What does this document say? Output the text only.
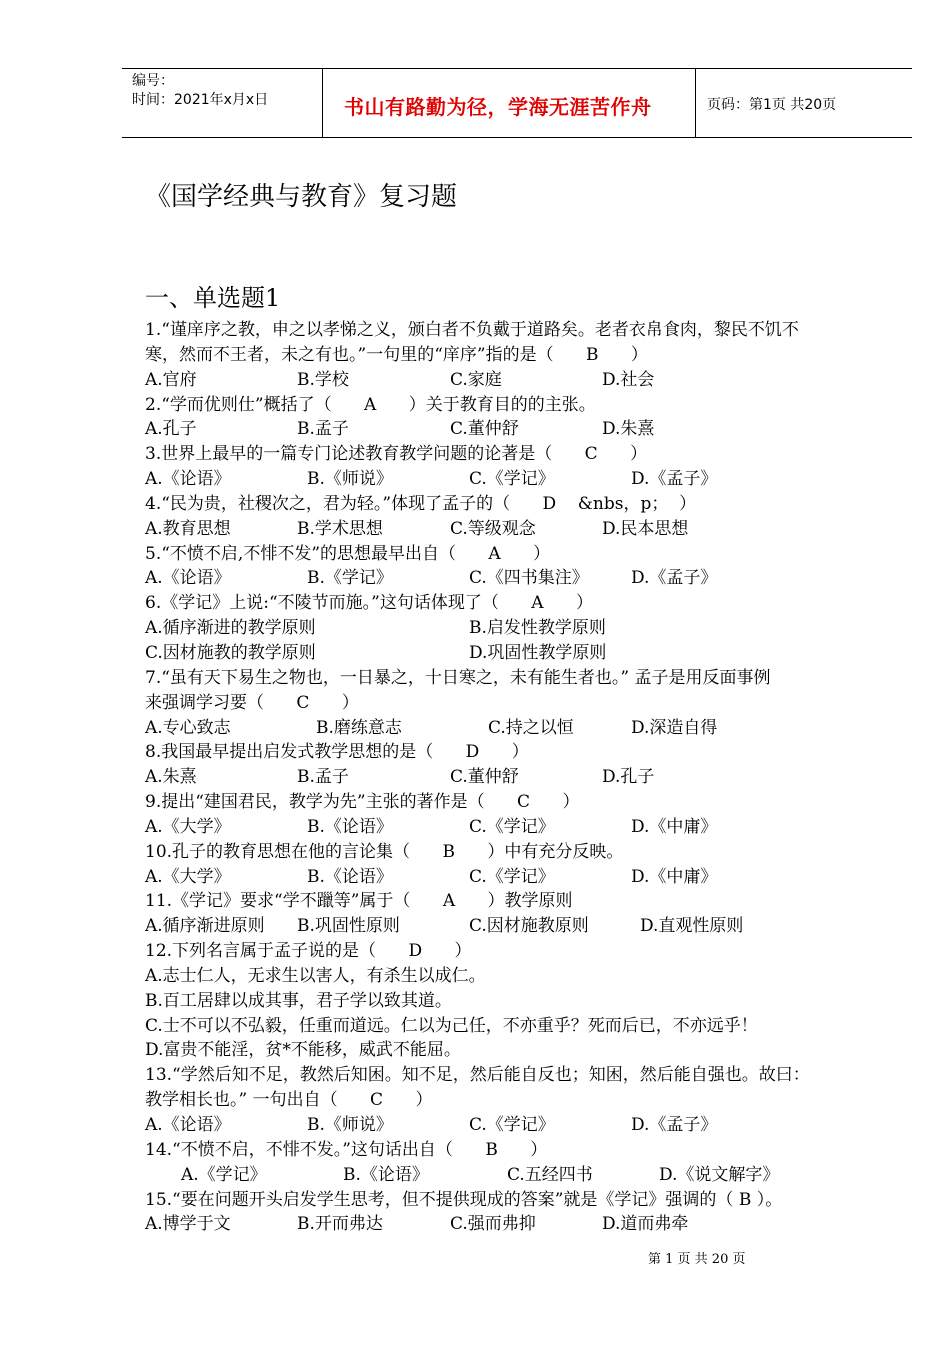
编号：
时间：2021年x月x日	书山有路勤为径，学海无涯苦作舟	页码：第1页 共20页
《国学经典与教育》复习题
一、单选题1
1.“谨庠序之教，申之以孝悌之义，颁白者不负戴于道路矣。老者衣帛食肉，黎民不饥不
寒，然而不王者，未之有也。”一句里的“庠序”指的是（      B      ）

A.官府

	B.学校

	C.家庭

	D.社会

2.“学而优则仕”概括了（      A      ）关于教育目的的主张。

A.孔子

	B.孟子

	C.董仲舒

	D.朱熹

3.世界上最早的一篇专门论述教育教学问题的论著是（      C      ）

A.《论语》

	B.《师说》

	C.《学记》

	D.《孟子》

4.“民为贵，社稷次之，君为轻。”体现了孟子的（      D    &nbs，p；  ）

A.教育思想

	B.学术思想

	C.等级观念

	D.民本思想

5.“不愤不启,不悱不发”的思想最早出自（      A      ）

A.《论语》

	B.《学记》

	C.《四书集注》

D.《孟子》

6.《学记》上说:“不陵节而施。”这句话体现了（      A      ）

A.循序渐进的教学原则

	B.启发性教学原则

C.因材施教的教学原则

	D.巩固性教学原则

7.“虽有天下易生之物也，一日暴之，十日寒之，未有能生者也。” 孟子是用反面事例
来强调学习要（      C      ）

A.专心致志

	B.磨练意志

	C.持之以恒

	D.深造自得

8.我国最早提出启发式教学思想的是（      D      ）

A.朱熹

	B.孟子

	C.董仲舒

	D.孔子

9.提出“建国君民，教学为先”主张的著作是（      C      ）

A.《大学》

	B.《论语》

	C.《学记》

	D.《中庸》

10.孔子的教育思想在他的言论集（      B      ）中有充分反映。

A.《大学》

	B.《论语》

	C.《学记》

	D.《中庸》

11.《学记》要求“学不躐等”属于（      A      ）教学原则

A.循序渐进原则

B.巩固性原则

	C.因材施教原则

	D.直观性原则

12.下列名言属于孟子说的是（      D      ）
A.志士仁人，无求生以害人，有杀生以成仁。
B.百工居肆以成其事，君子学以致其道。
C.士不可以不弘毅，任重而道远。仁以为己任，不亦重乎？死而后已，不亦远乎！
D.富贵不能淫，贫*不能移，威武不能屈。
13.“学然后知不足，教然后知困。知不足，然后能自反也；知困，然后能自强也。故曰：
教学相长也。” 一句出自（      C      ）

A.《论语》

	B.《师说》

	C.《学记》

	D.《孟子》

14.“不愤不启，不悱不发。”这句话出自（      B      ）

A.《学记》

	B.《论语》

	C.五经四书

	D.《说文解字》

15.“要在问题开头启发学生思考，但不提供现成的答案”就是《学记》强调的（ B ）。

A.博学于文

	B.开而弗达

	C.强而弗抑

	D.道而弗牵

第 1 页 共 20 页
